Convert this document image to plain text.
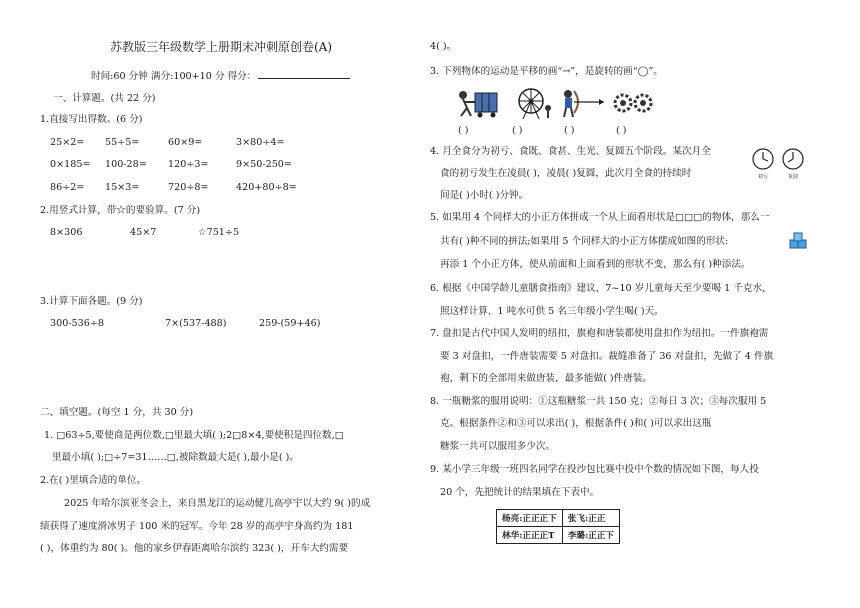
苏教版三年级数学上册期末冲刺原创卷(A)
时间:60 分钟 满分:100+10 分 得分：
一、计算题。(共 22 分)
1.直接写出得数。(6 分)
25×2= 55÷5=	60×9=	3×80÷4=
0×185= 100-28= 120÷3=	9×50-250=
86÷2= 15×3=	720÷8=	420+80÷8=
2.用竖式计算，带☆的要验算。(7 分)
8×306	45×7	☆751÷5
3.计算下面各题。(9 分)
300-536÷8	7×(537-488)	259-(59+46)
二、填空题。(每空 1 分，共 30 分)
1. □63÷5,要使商是两位数,□里最大填( );2□8×4,要使积是四位数,□
里最小填( );□÷7=31……□,被除数最大是( ),最小是( )。
2.在( )里填合适的单位。
2025 年哈尔滨亚冬会上，来自黑龙江的运动健儿高亭宇以大约 9( )的成
绩获得了速度滑冰男子 100 米的冠军。今年 28 岁的高亭宇身高约为 181
( )，体重约为 80( )。他的家乡伊春距离哈尔滨约 323( )，开车大约需要
4( )。
3. 下列物体的运动是平移的画“→”，是旋转的画“◯”。
( )	( )	( )	( )
4. 月全食分为初亏、食既、食甚、生光、复圆五个阶段。某次月全
食的初亏发生在凌晨( )，凌晨( )复圆，此次月全食的持续时
间是( )小时( )分钟。
初亏	复圆
5. 如果用 4 个同样大的小正方体拼成一个从上面看形状是□□□的物体，那么一
共有( )种不同的拼法;如果用 5 个同样大的小正方体摆成如图的形状:
再添 1 个小正方体，使从前面和上面看到的形状不变，那么有( )种添法。
6. 根据《中国学龄儿童膳食指南》建议，7~10 岁儿童每天至少要喝 1 千克水，
照这样计算，1 吨水可供 5 名三年级小学生喝( )天。
7. 盘扣是古代中国人发明的纽扣，旗袍和唐装都使用盘扣作为纽扣。一件旗袍需
要 3 对盘扣，一件唐装需要 5 对盘扣。裁缝准备了 36 对盘扣，先做了 4 件旗
袍，剩下的全部用来做唐装，最多能做( )件唐装。
8. 一瓶糖浆的服用说明：①这瓶糖浆一共 150 克；②每日 3 次；③每次服用 5
克。根据条件②和③可以求出( )，根据条件( )和( )可以求出这瓶
糖浆一共可以服用多少次。
9. 某小学三年级一班四名同学在投沙包比赛中投中个数的情况如下图，每人投
20 个，先把统计的结果填在下表中。
杨亮:正正正下	张飞:正正
林华:正正正T	李璐:正正下
